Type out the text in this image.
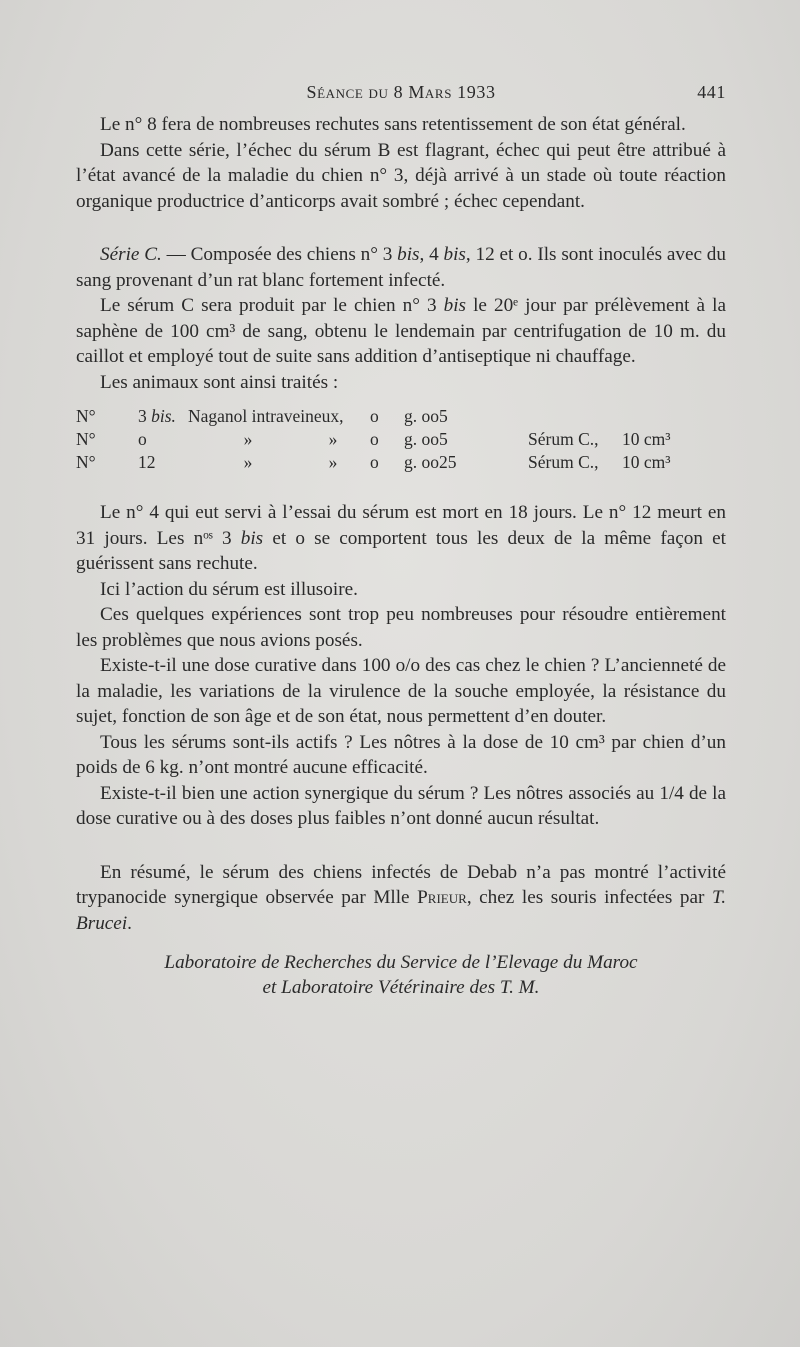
Séance du 8 Mars 1933	441

Le n° 8 fera de nombreuses rechutes sans retentissement de son état général.

Dans cette série, l’échec du sérum B est flagrant, échec qui peut être attribué à l’état avancé de la maladie du chien n° 3, déjà arrivé à un stade où toute réaction organique productrice d’anticorps avait sombré ; échec cependant.

Série C. — Composée des chiens n° 3 bis, 4 bis, 12 et o. Ils sont inoculés avec du sang provenant d’un rat blanc fortement infecté.

Le sérum C sera produit par le chien n° 3 bis le 20ᵉ jour par prélèvement à la saphène de 100 cm³ de sang, obtenu le lendemain par centrifugation de 10 m. du caillot et employé tout de suite sans addition d’antiseptique ni chauffage.

Les animaux sont ainsi traités :

N°	3 bis.	Naganol intraveineux,	o	g. oo5		
N°	o	» »	o	g. oo5	Sérum C.,	10 cm³
N°	12	» »	o	g. oo25	Sérum C.,	10 cm³

Le n° 4 qui eut servi à l’essai du sérum est mort en 18 jours. Le n° 12 meurt en 31 jours. Les nᵒˢ 3 bis et o se comportent tous les deux de la même façon et guérissent sans rechute.

Ici l’action du sérum est illusoire.

Ces quelques expériences sont trop peu nombreuses pour résoudre entièrement les problèmes que nous avions posés.

Existe-t-il une dose curative dans 100 o/o des cas chez le chien ? L’ancienneté de la maladie, les variations de la virulence de la souche employée, la résistance du sujet, fonction de son âge et de son état, nous permettent d’en douter.

Tous les sérums sont-ils actifs ? Les nôtres à la dose de 10 cm³ par chien d’un poids de 6 kg. n’ont montré aucune efficacité.

Existe-t-il bien une action synergique du sérum ? Les nôtres associés au 1/4 de la dose curative ou à des doses plus faibles n’ont donné aucun résultat.

En résumé, le sérum des chiens infectés de Debab n’a pas montré l’activité trypanocide synergique observée par Mlle Prieur, chez les souris infectées par T. Brucei.

Laboratoire de Recherches du Service de l’Elevage du Maroc
et Laboratoire Vétérinaire des T. M.
